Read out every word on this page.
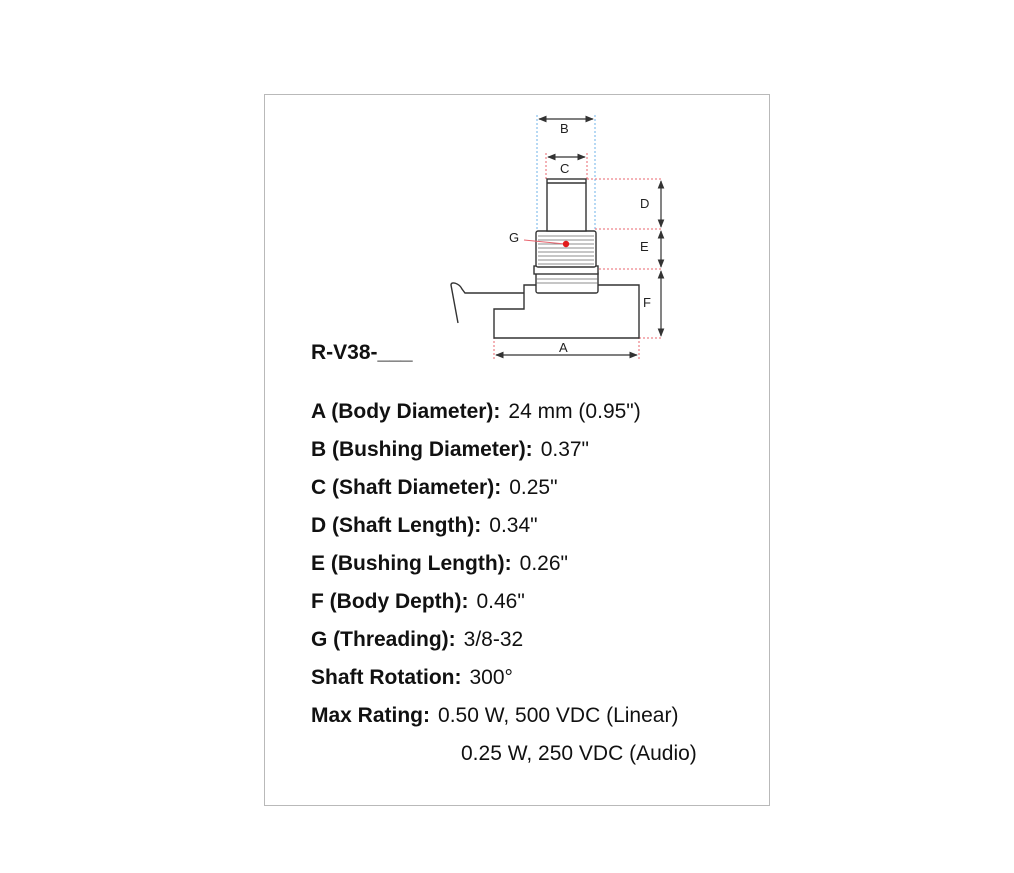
B
C
D
E
F
G
A

R-V38-___

A (Body Diameter): 24 mm (0.95")
B (Bushing Diameter): 0.37"
C (Shaft Diameter): 0.25"
D (Shaft Length): 0.34"
E (Bushing Length): 0.26"
F (Body Depth): 0.46"
G (Threading): 3/8-32
Shaft Rotation: 300°
Max Rating: 0.50 W, 500 VDC (Linear)
0.25 W, 250 VDC (Audio)
